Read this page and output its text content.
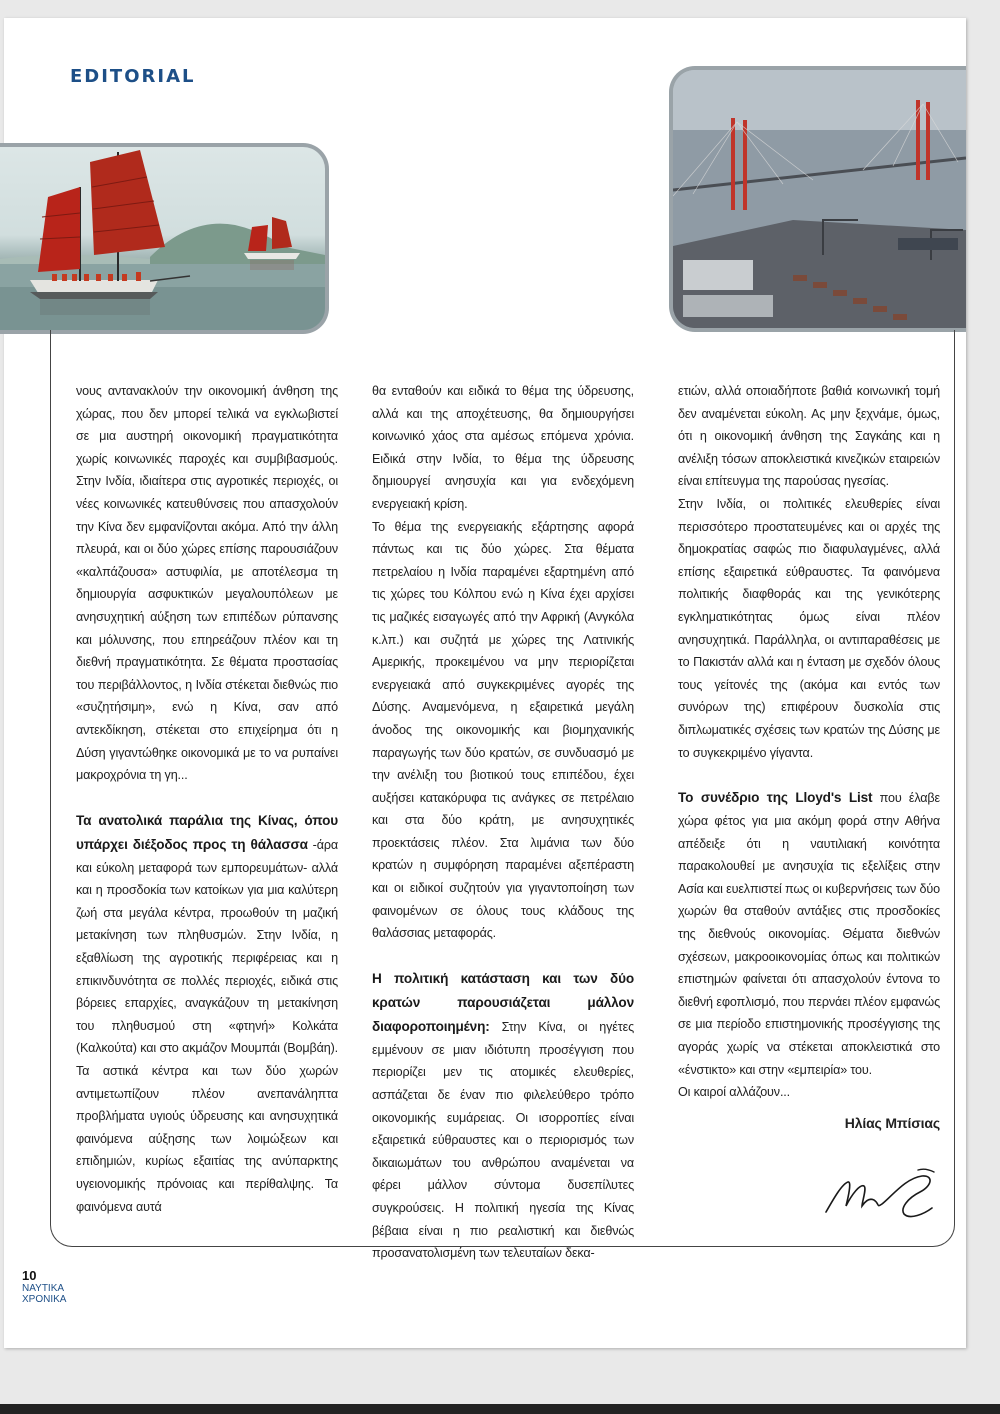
EDITORIAL

νους αντανακλούν την οικονομική άνθηση της χώρας, που δεν μπορεί τελικά να εγκλωβιστεί σε μια αυστηρή οικονομική πραγματικότητα χωρίς κοινωνικές παροχές και συμβιβασμούς. Στην Ινδία, ιδιαίτερα στις αγροτικές περιοχές, οι νέες κοινωνικές κατευθύνσεις που απασχολούν την Κίνα δεν εμφανίζονται ακόμα. Από την άλλη πλευρά, και οι δύο χώρες επίσης παρουσιάζουν «καλπάζουσα» αστυφιλία, με αποτέλεσμα τη δημιουργία ασφυκτικών μεγαλουπόλεων με ανησυχητική αύξηση των επιπέδων ρύπανσης και μόλυνσης, που επηρεάζουν πλέον και τη διεθνή πραγματικότητα. Σε θέματα προστασίας του περιβάλλοντος, η Ινδία στέκεται διεθνώς πιο «συζητήσιμη», ενώ η Κίνα, σαν από αντεκδίκηση, στέκεται στο επιχείρημα ότι η Δύση γιγαντώθηκε οικονομικά με το να ρυπαίνει μακροχρόνια τη γη...

Τα ανατολικά παράλια της Κίνας, όπου υπάρχει διέξοδος προς τη θάλασσα -άρα και εύκολη μεταφορά των εμπορευμάτων- αλλά και η προσδοκία των κατοίκων για μια καλύτερη ζωή στα μεγάλα κέντρα, προωθούν τη μαζική μετακίνηση των πληθυσμών. Στην Ινδία, η εξαθλίωση της αγροτικής περιφέρειας και η επικινδυνότητα σε πολλές περιοχές, ειδικά στις βόρειες επαρχίες, αναγκάζουν τη μετακίνηση του πληθυσμού στη «φτηνή» Κολκάτα (Καλκούτα) και στο ακμάζον Μουμπάι (Βομβάη). Τα αστικά κέντρα και των δύο χωρών αντιμετωπίζουν πλέον ανεπανάληπτα προβλήματα υγιούς ύδρευσης και ανησυχητικά φαινόμενα αύξησης των λοιμώξεων και επιδημιών, κυρίως εξαιτίας της ανύπαρκτης υγειονομικής πρόνοιας και περίθαλψης. Τα φαινόμενα αυτά

θα ενταθούν και ειδικά το θέμα της ύδρευσης, αλλά και της αποχέτευσης, θα δημιουργήσει κοινωνικό χάος στα αμέσως επόμενα χρόνια. Ειδικά στην Ινδία, το θέμα της ύδρευσης δημιουργεί ανησυχία και για ενδεχόμενη ενεργειακή κρίση.

Το θέμα της ενεργειακής εξάρτησης αφορά πάντως και τις δύο χώρες. Στα θέματα πετρελαίου η Ινδία παραμένει εξαρτημένη από τις χώρες του Κόλπου ενώ η Κίνα έχει αρχίσει τις μαζικές εισαγωγές από την Αφρική (Ανγκόλα κ.λπ.) και συζητά με χώρες της Λατινικής Αμερικής, προκειμένου να μην περιορίζεται ενεργειακά από συγκεκριμένες αγορές της Δύσης. Αναμενόμενα, η εξαιρετικά μεγάλη άνοδος της οικονομικής και βιομηχανικής παραγωγής των δύο κρατών, σε συνδυασμό με την ανέλιξη του βιοτικού τους επιπέδου, έχει αυξήσει κατακόρυφα τις ανάγκες σε πετρέλαιο και στα δύο κράτη, με ανησυχητικές προεκτάσεις πλέον. Στα λιμάνια των δύο κρατών η συμφόρηση παραμένει αξεπέραστη και οι ειδικοί συζητούν για γιγαντοποίηση των φαινομένων σε όλους τους κλάδους της θαλάσσιας μεταφοράς.

Η πολιτική κατάσταση και των δύο κρατών παρουσιάζεται μάλλον διαφοροποιημένη: Στην Κίνα, οι ηγέτες εμμένουν σε μιαν ιδιότυπη προσέγγιση που περιορίζει μεν τις ατομικές ελευθερίες, ασπάζεται δε έναν πιο φιλελεύθερο τρόπο οικονομικής ευμάρειας. Οι ισορροπίες είναι εξαιρετικά εύθραυστες και ο περιορισμός των δικαιωμάτων του ανθρώπου αναμένεται να φέρει μάλλον σύντομα δυσεπίλυτες συγκρούσεις. Η πολιτική ηγεσία της Κίνας βέβαια είναι η πιο ρεαλιστική και διεθνώς προσανατολισμένη των τελευταίων δεκα-

ετιών, αλλά οποιαδήποτε βαθιά κοινωνική τομή δεν αναμένεται εύκολη. Ας μην ξεχνάμε, όμως, ότι η οικονομική άνθηση της Σαγκάης και η ανέλιξη τόσων αποκλειστικά κινεζικών εταιρειών είναι επίτευγμα της παρούσας ηγεσίας.

Στην Ινδία, οι πολιτικές ελευθερίες είναι περισσότερο προστατευμένες και οι αρχές της δημοκρατίας σαφώς πιο διαφυλαγμένες, αλλά επίσης εξαιρετικά εύθραυστες. Τα φαινόμενα πολιτικής διαφθοράς και της γενικότερης εγκληματικότητας όμως είναι πλέον ανησυχητικά. Παράλληλα, οι αντιπαραθέσεις με το Πακιστάν αλλά και η ένταση με σχεδόν όλους τους γείτονές της (ακόμα και εντός των συνόρων της) επιφέρουν δυσκολία στις διπλωματικές σχέσεις των κρατών της Δύσης με το συγκεκριμένο γίγαντα.

Το συνέδριο της Lloyd's List που έλαβε χώρα φέτος για μια ακόμη φορά στην Αθήνα απέδειξε ότι η ναυτιλιακή κοινότητα παρακολουθεί με ανησυχία τις εξελίξεις στην Ασία και ευελπιστεί πως οι κυβερνήσεις των δύο χωρών θα σταθούν αντάξιες στις προσδοκίες της διεθνούς οικονομίας. Θέματα διεθνών σχέσεων, μακροοικονομίας όπως και πολιτικών επιστημών φαίνεται ότι απασχολούν έντονα το διεθνή εφοπλισμό, που περνάει πλέον εμφανώς σε μια περίοδο επιστημονικής προσέγγισης της αγοράς χωρίς να στέκεται αποκλειστικά στο «ένστικτο» και στην «εμπειρία» του.

Οι καιροί αλλάζουν...

Ηλίας Μπίσιας
10
ΝΑΥΤΙΚΑ
ΧΡΟΝΙΚΑ
